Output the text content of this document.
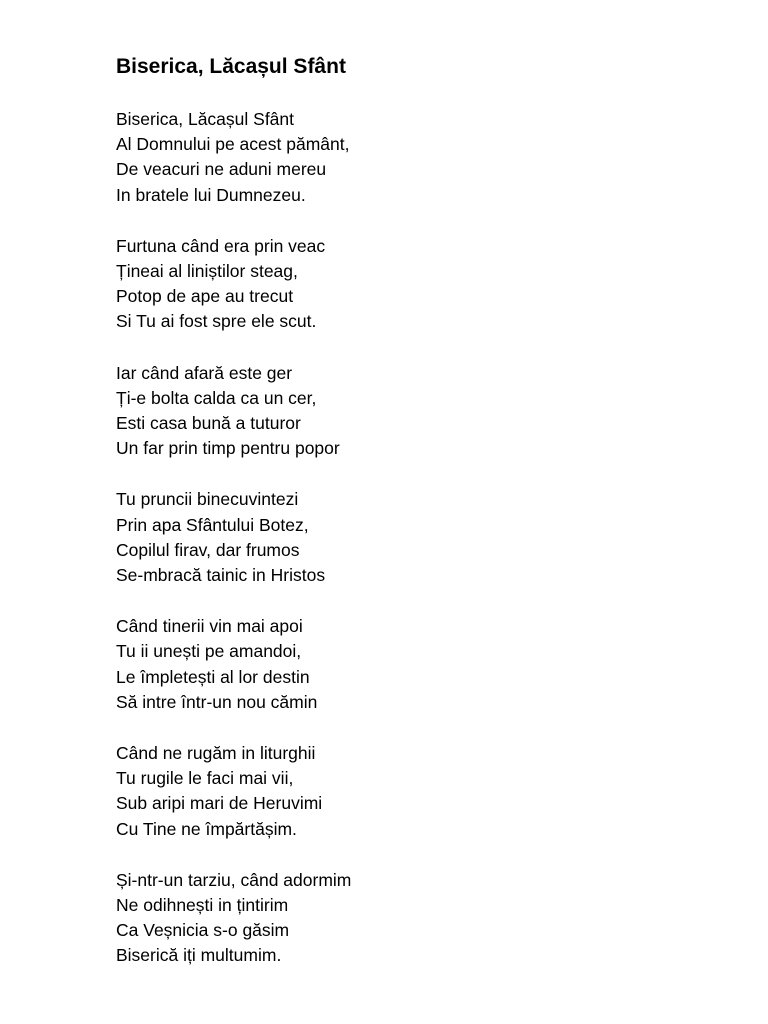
Biserica, Lăcașul Sfânt
Biserica, Lăcașul Sfânt
Al Domnului pe acest pământ,
De veacuri ne aduni mereu
In bratele lui Dumnezeu.
Furtuna când era prin veac
Țineai al liniștilor steag,
Potop de ape au trecut
Si Tu ai fost spre ele scut.
Iar când afară este ger
Ți-e bolta calda ca un cer,
Esti casa bună a tuturor
Un far prin timp pentru popor
Tu pruncii binecuvintezi
Prin apa Sfântului Botez,
Copilul firav, dar frumos
Se-mbracă tainic in Hristos
Când tinerii vin mai apoi
Tu ii unești pe amandoi,
Le împletești al lor destin
Să intre într-un nou cămin
Când ne rugăm in liturghii
Tu rugile le faci mai vii,
Sub aripi mari de Heruvimi
Cu Tine ne împărtășim.
Și-ntr-un tarziu, când adormim
Ne odihnești in țintirim
Ca Veșnicia s-o găsim
Biserică iți multumim.
